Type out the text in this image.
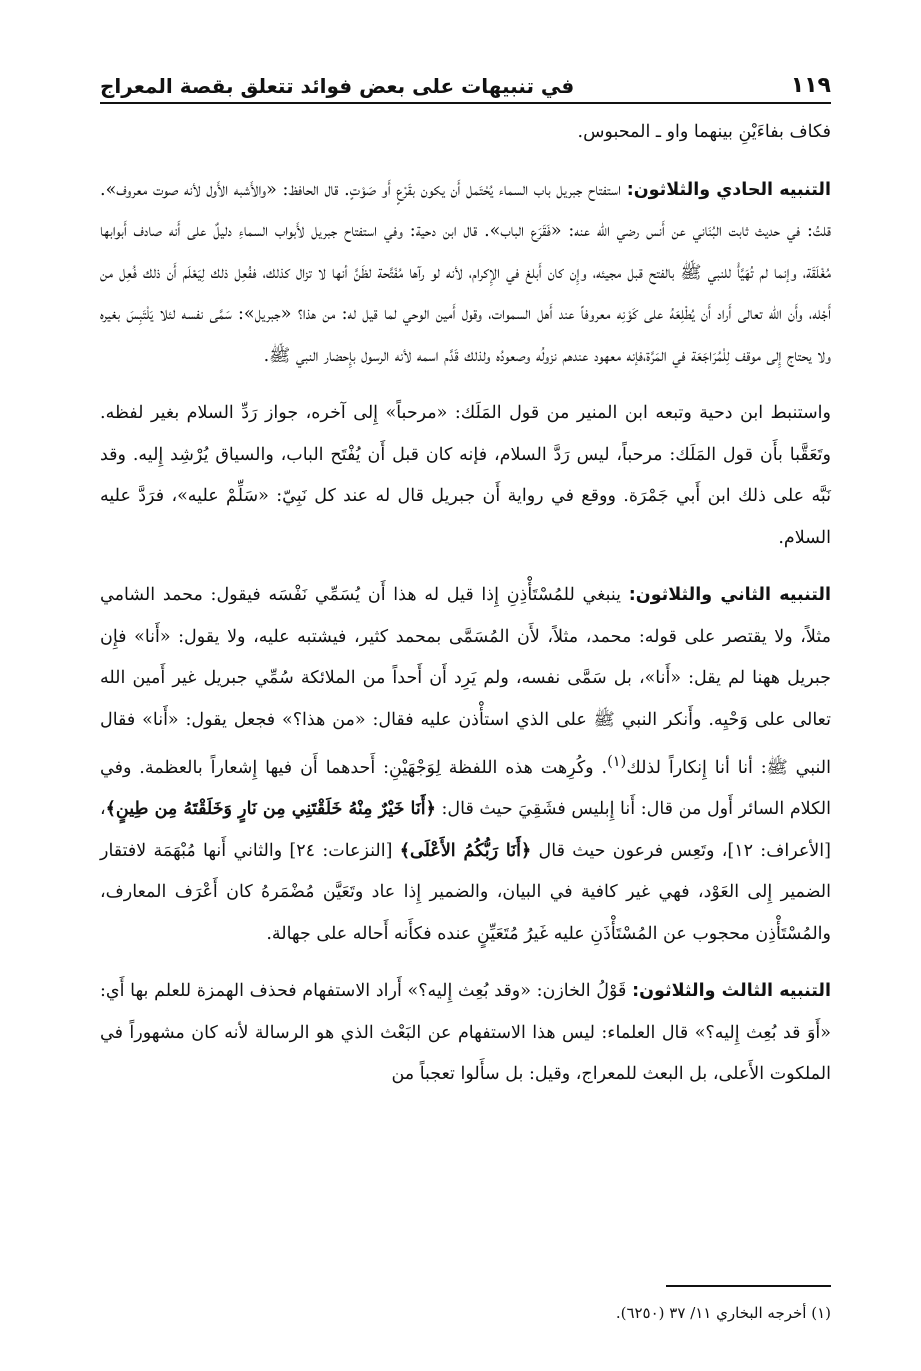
في تنبيهات على بعض فوائد تتعلق بقصة المعراج	١١٩

فكاف بفاءَيْنِ بينهما واو ـ المحبوس.

التنبيه الحادي والثلاثون: استفتاح جبريل باب السماء يُحْتَمل أَن يكون بقَرْعٍ أَو صَوْتٍ. قال الحافظ: «والأَشبه الأَول لأنه صوت معروف». قلتُ: في حديث ثابت البُنَاني عن أَنس رضي الله عنه: «فَقَرَع الباب». قال ابن دحية: وفي استفتاح جبريل لأَبواب السماءِ دليلٌ على أَنه صادف أَبوابها مُغْلَقَة، وإنما لم تُهَيَّأْ للنبي ﷺ بالفتح قبل مجيئه، وإِن كان أَبلغ في الإِكرام، لأنه لو رآها مُفَتَّحة لظَنَّ أنها لا تزال كذلك، ففُعِل ذلك لِيَعْلَم أَن ذلك فُعِل من أَجْله، وأَن الله تعالى أَراد أَن يُطْلِعَهُ على كَوْنِه معروفاً عند أَهل السموات، وقول أَمين الوحي لما قيل له: من هذا؟ «جبريل»: سَمَّى نفسه لئلا يَلْتَبِسَ بغيره ولا يحتاج إِلى موقف لِلْمُرَاجَعَة في المَرَّة،فإنه معهود عندهم نزولُه وصعودُه ولذلك قَدَّم اسمه لأنه الرسول بإِحضار النبي ﷺ.

واستنبط ابن دحية وتبعه ابن المنير من قول المَلَك: «مرحباً» إِلى آخره، جواز رَدِّ السلام بغير لفظه. وتَعَقَّبا بأَن قول المَلَك: مرحباً، ليس رَدَّ السلام، فإنه كان قبل أَن يُفْتَح الباب، والسياق يُرْشِد إِليه. وقد نَبَّه على ذلك ابن أَبي جَمْرَة. ووقع في رواية أَن جبريل قال له عند كل نَبِيّ: «سَلِّمْ عليه»، فرَدَّ عليه السلام.

التنبيه الثاني والثلاثون: ينبغي للمُسْتَأْذِنِ إِذا قيل له هذا أَن يُسَمِّي نَفْسَه فيقول: محمد الشامي مثلاً، ولا يقتصر على قوله: محمد، مثلاً، لأَن المُسَمَّى بمحمد كثير، فيشتبه عليه، ولا يقول: «أَنا» فإِن جبريل ههنا لم يقل: «أَنا»، بل سَمَّى نفسه، ولم يَرِد أَن أَحداً من الملائكة سُمِّي جبريل غير أَمين الله تعالى على وَحْيِه. وأَنكر النبي ﷺ على الذي استأْذن عليه فقال: «من هذا؟» فجعل يقول: «أَنا» فقال النبي ﷺ: أنا أنا إِنكاراً لذلك$^{(١)}$. وكُرِهت هذه اللفظة لِوَجْهَيْنِ: أَحدهما أَن فيها إِشعاراً بالعظمة. وفي الكلام السائر أَول من قال: أَنا إِبليس فشَقِيَ حيث قال: ﴿أَنَا خَيْرٌ مِنْهُ خَلَقْتَنِي مِن نَارٍ وَخَلَقْتَهُ مِن طِينٍ﴾،[الأعراف: ١٢]، وتَعِس فرعون حيث قال ﴿أَنَا رَبُّكُمُ الأَعْلَى﴾ [النزعات: ٢٤] والثاني أَنها مُبْهَمَة لافتقار الضمير إِلى العَوْد، فهي غير كافية في البيان، والضمير إِذا عاد وتَعَيَّن مُضْمَرهُ كان أَعْرَف المعارف، والمُسْتَأْذِن محجوب عن المُسْتَأْذَنِ عليه غَيرُ مُتَعَيِّنٍ عنده فكأَنه أَحاله على جهالة.

التنبيه الثالث والثلاثون: قَوْلُ الخازن: «وقد بُعِث إِليه؟» أَراد الاستفهام فحذف الهمزة للعلم بها أَي: «أَوَ قد بُعِث إِليه؟» قال العلماء: ليس هذا الاستفهام عن البَعْث الذي هو الرسالة لأنه كان مشهوراً في الملكوت الأَعلى، بل البعث للمعراج، وقيل: بل سأَلوا تعجباً من

(١) أخرجه البخاري ١١/ ٣٧ (٦٢٥٠).
